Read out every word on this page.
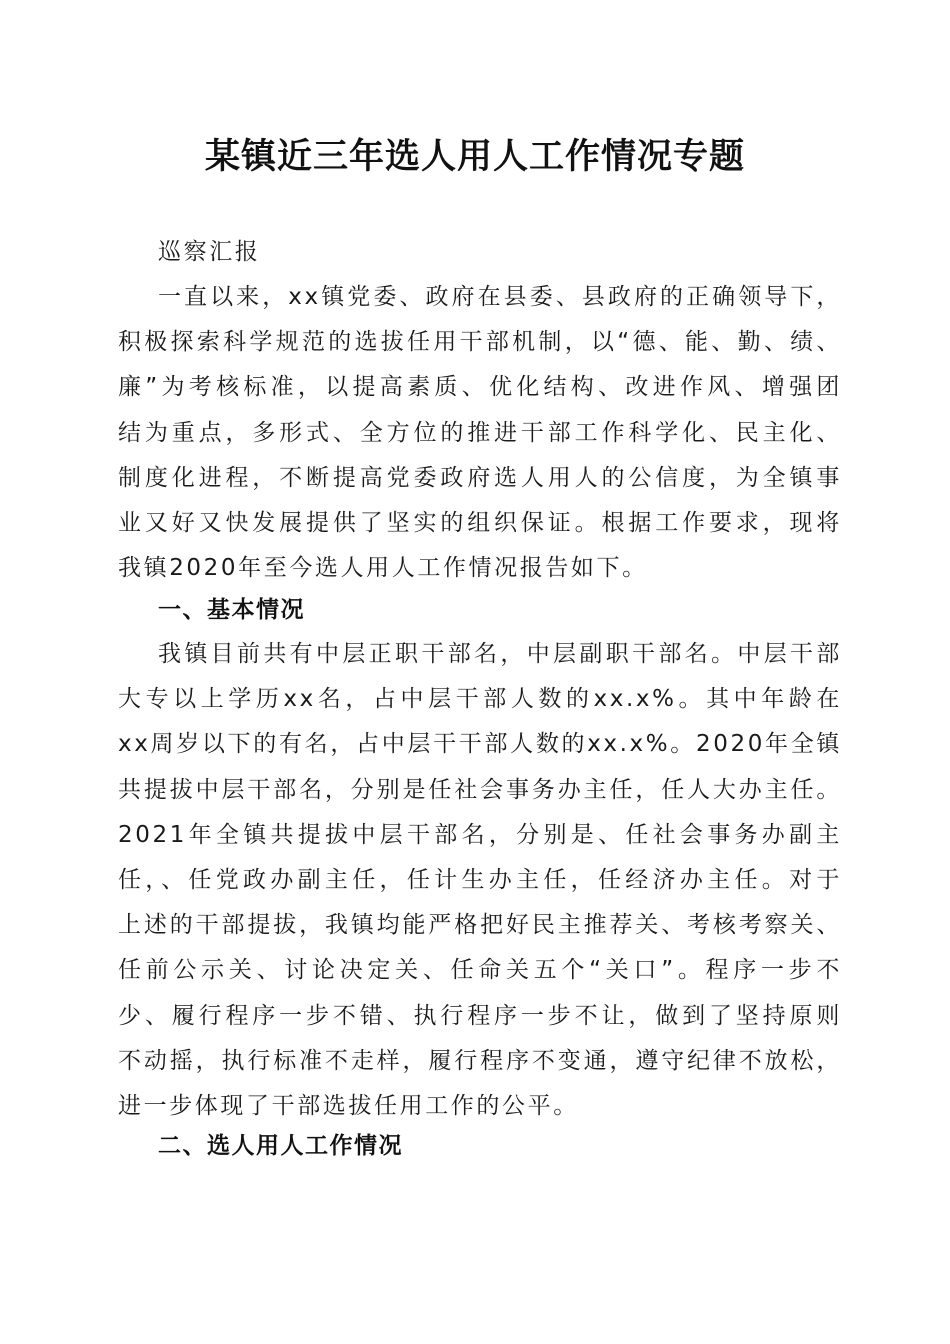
某镇近三年选人用人工作情况专题

巡察汇报

一直以来，xx镇党委、政府在县委、县政府的正确领导下，
积极探索科学规范的选拔任用干部机制，以“德、能、勤、绩、
廉”为考核标准，以提高素质、优化结构、改进作风、增强团
结为重点，多形式、全方位的推进干部工作科学化、民主化、
制度化进程，不断提高党委政府选人用人的公信度，为全镇事
业又好又快发展提供了坚实的组织保证。根据工作要求，现将
我镇2020年至今选人用人工作情况报告如下。
一、基本情况
我镇目前共有中层正职干部名，中层副职干部名。中层干部
大专以上学历xx名，占中层干部人数的xx.x%。其中年龄在
xx周岁以下的有名，占中层干干部人数的xx.x%。2020年全镇
共提拔中层干部名，分别是任社会事务办主任，任人大办主任。
2021年全镇共提拔中层干部名，分别是、任社会事务办副主
任，、任党政办副主任，任计生办主任，任经济办主任。对于
上述的干部提拔，我镇均能严格把好民主推荐关、考核考察关、
任前公示关、讨论决定关、任命关五个“关口”。程序一步不
少、履行程序一步不错、执行程序一步不让，做到了坚持原则
不动摇，执行标准不走样，履行程序不变通，遵守纪律不放松，
进一步体现了干部选拔任用工作的公平。
二、选人用人工作情况
